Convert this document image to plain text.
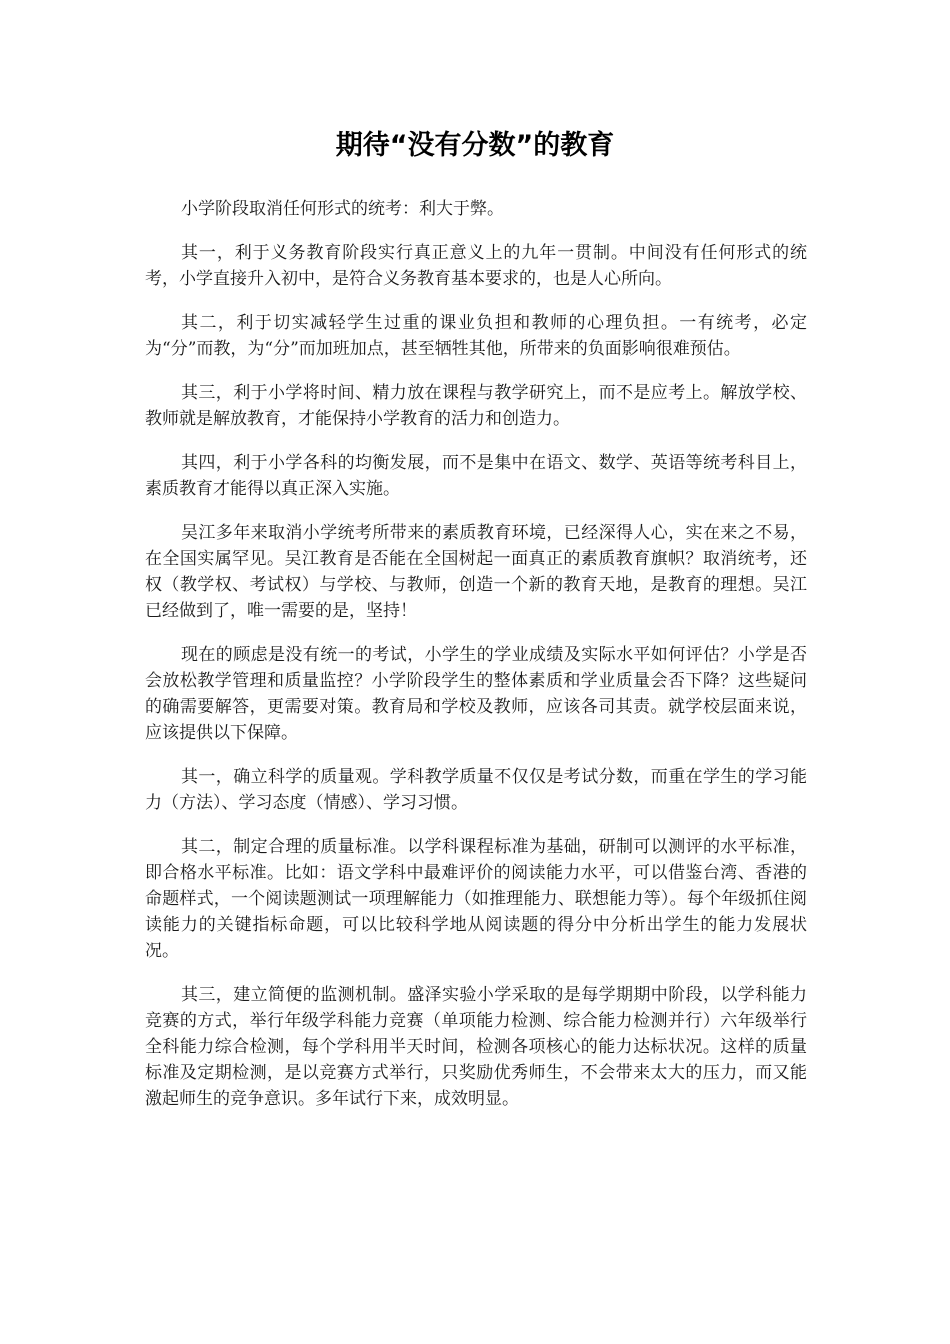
期待“没有分数”的教育

小学阶段取消任何形式的统考：利大于弊。

其一，利于义务教育阶段实行真正意义上的九年一贯制。中间没有任何形式的统考，小学直接升入初中，是符合义务教育基本要求的，也是人心所向。

其二，利于切实减轻学生过重的课业负担和教师的心理负担。一有统考，必定为“分”而教，为“分”而加班加点，甚至牺牲其他，所带来的负面影响很难预估。

其三，利于小学将时间、精力放在课程与教学研究上，而不是应考上。解放学校、教师就是解放教育，才能保持小学教育的活力和创造力。

其四，利于小学各科的均衡发展，而不是集中在语文、数学、英语等统考科目上，素质教育才能得以真正深入实施。

吴江多年来取消小学统考所带来的素质教育环境，已经深得人心，实在来之不易，在全国实属罕见。吴江教育是否能在全国树起一面真正的素质教育旗帜？取消统考，还权（教学权、考试权）与学校、与教师，创造一个新的教育天地，是教育的理想。吴江已经做到了，唯一需要的是，坚持！

现在的顾虑是没有统一的考试，小学生的学业成绩及实际水平如何评估？小学是否会放松教学管理和质量监控？小学阶段学生的整体素质和学业质量会否下降？这些疑问的确需要解答，更需要对策。教育局和学校及教师，应该各司其责。就学校层面来说，应该提供以下保障。

其一，确立科学的质量观。学科教学质量不仅仅是考试分数，而重在学生的学习能力（方法）、学习态度（情感）、学习习惯。

其二，制定合理的质量标准。以学科课程标准为基础，研制可以测评的水平标准，即合格水平标准。比如：语文学科中最难评价的阅读能力水平，可以借鉴台湾、香港的命题样式，一个阅读题测试一项理解能力（如推理能力、联想能力等）。每个年级抓住阅读能力的关键指标命题，可以比较科学地从阅读题的得分中分析出学生的能力发展状况。

其三，建立简便的监测机制。盛泽实验小学采取的是每学期期中阶段，以学科能力竞赛的方式，举行年级学科能力竞赛（单项能力检测、综合能力检测并行）六年级举行全科能力综合检测，每个学科用半天时间，检测各项核心的能力达标状况。这样的质量标准及定期检测，是以竞赛方式举行，只奖励优秀师生，不会带来太大的压力，而又能激起师生的竞争意识。多年试行下来，成效明显。
